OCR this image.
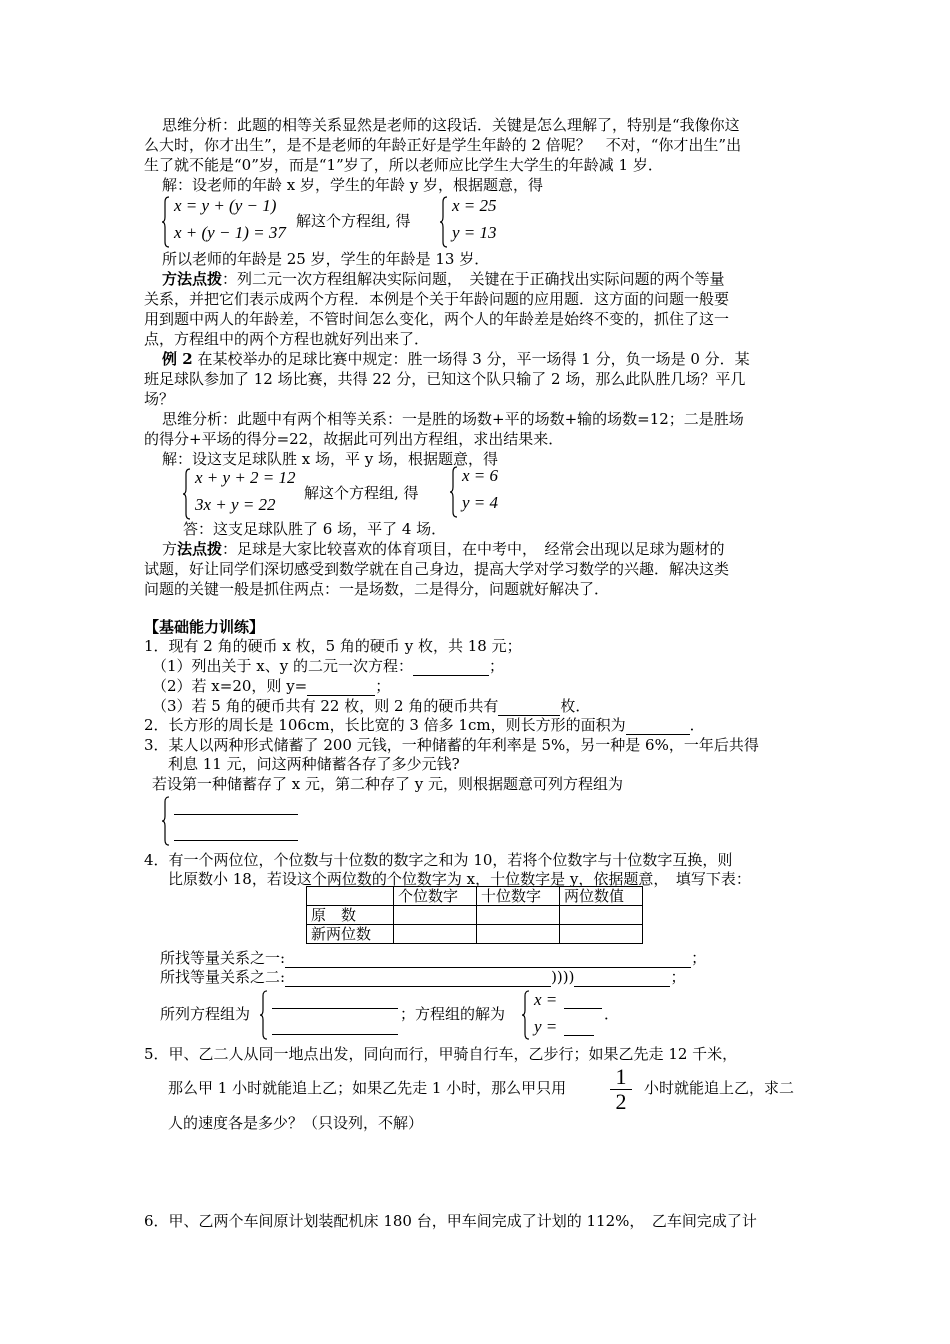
思维分析：此题的相等关系显然是老师的这段话．关键是怎么理解了，特别是“我像你这
么大时，你才出生”，是不是老师的年龄正好是学生年龄的 2 倍呢？　不对，“你才出生”出
生了就不能是“0”岁，而是“1”岁了，所以老师应比学生大学生的年龄减 1 岁．
解：设老师的年龄 x 岁，学生的年龄 y 岁，根据题意，得
x = y + (y − 1)
x + (y − 1) = 37
解这个方程组, 得
x = 25
y = 13
所以老师的年龄是 25 岁，学生的年龄是 13 岁．
方法点拨：列二元一次方程组解决实际问题，　关键在于正确找出实际问题的两个等量
关系，并把它们表示成两个方程．本例是个关于年龄问题的应用题．这方面的问题一般要
用到题中两人的年龄差，不管时间怎么变化，两个人的年龄差是始终不变的，抓住了这一
点，方程组中的两个方程也就好列出来了．
例 2 在某校举办的足球比赛中规定：胜一场得 3 分，平一场得 1 分，负一场是 0 分．某
班足球队参加了 12 场比赛，共得 22 分，已知这个队只输了 2 场，那么此队胜几场？平几
场？
思维分析：此题中有两个相等关系：一是胜的场数+平的场数+输的场数=12；二是胜场
的得分+平场的得分=22，故据此可列出方程组，求出结果来．
解：设这支足球队胜 x 场，平 y 场，根据题意，得
x + y + 2 = 12
3x + y = 22
解这个方程组, 得
x = 6
y = 4
答：这支足球队胜了 6 场，平了 4 场．
方法点拨：足球是大家比较喜欢的体育项目，在中考中，　经常会出现以足球为题材的
试题，好让同学们深切感受到数学就在自己身边，提高大学对学习数学的兴趣．解决这类
问题的关键一般是抓住两点：一是场数，二是得分，问题就好解决了．
【基础能力训练】
1．现有 2 角的硬币 x 枚，5 角的硬币 y 枚，共 18 元；
（1）列出关于 x、y 的二元一次方程：	；
（2）若 x=20，则 y=	；
（3）若 5 角的硬币共有 22 枚，则 2 角的硬币共有	枚．
2．长方形的周长是 106cm，长比宽的 3 倍多 1cm，则长方形的面积为	．
3．某人以两种形式储蓄了 200 元钱，一种储蓄的年利率是 5%，另一种是 6%，一年后共得
利息 11 元，问这两种储蓄各存了多少元钱?
若设第一种储蓄存了 x 元，第二种存了 y 元，则根据题意可列方程组为
4．有一个两位位，个位数与十位数的数字之和为 10，若将个位数字与十位数字互换，则
比原数小 18，若设这个两位数的个位数字为 x，十位数字是 y，依据题意，　填写下表：
	个位数字	十位数字	两位数值
原　数			
新两位数			
所找等量关系之一:	；
所找等量关系之二:	))))	；
所列方程组为	；方程组的解为
x =
y =
．
5．甲、乙二人从同一地点出发，同向而行，甲骑自行车，乙步行；如果乙先走 12 千米，
那么甲 1 小时就能追上乙；如果乙先走 1 小时，那么甲只用 1
2
小时就能追上乙，求二
人的速度各是多少？（只设列，不解）
6．甲、乙两个车间原计划装配机床 180 台，甲车间完成了计划的 112%，　乙车间完成了计
